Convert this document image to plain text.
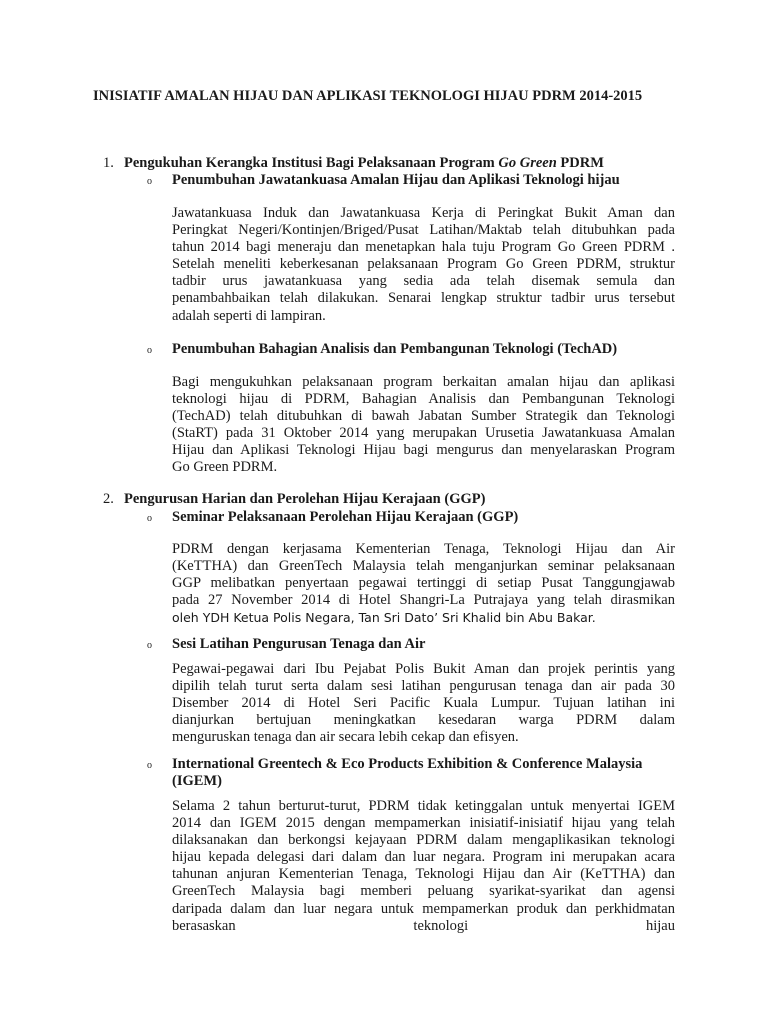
INISIATIF AMALAN HIJAU DAN APLIKASI TEKNOLOGI HIJAU PDRM 2014-2015
1. Pengukuhan Kerangka Institusi Bagi Pelaksanaan Program Go Green PDRM
o Penumbuhan Jawatankuasa Amalan Hijau dan Aplikasi Teknologi hijau
Jawatankuasa Induk dan Jawatankuasa Kerja di Peringkat Bukit Aman dan
Peringkat Negeri/Kontinjen/Briged/Pusat Latihan/Maktab telah ditubuhkan pada
tahun 2014 bagi meneraju dan menetapkan hala tuju Program Go Green PDRM .
Setelah meneliti keberkesanan pelaksanaan Program Go Green PDRM, struktur
tadbir urus jawatankuasa yang sedia ada telah disemak semula dan
penambahbaikan telah dilakukan. Senarai lengkap struktur tadbir urus tersebut
adalah seperti di lampiran.
o Penumbuhan Bahagian Analisis dan Pembangunan Teknologi (TechAD)
Bagi mengukuhkan pelaksanaan program berkaitan amalan hijau dan aplikasi
teknologi hijau di PDRM, Bahagian Analisis dan Pembangunan Teknologi
(TechAD) telah ditubuhkan di bawah Jabatan Sumber Strategik dan Teknologi
(StaRT) pada 31 Oktober 2014 yang merupakan Urusetia Jawatankuasa Amalan
Hijau dan Aplikasi Teknologi Hijau bagi mengurus dan menyelaraskan Program
Go Green PDRM.
2. Pengurusan Harian dan Perolehan Hijau Kerajaan (GGP)
o Seminar Pelaksanaan Perolehan Hijau Kerajaan (GGP)
PDRM dengan kerjasama Kementerian Tenaga, Teknologi Hijau dan Air
(KeTTHA) dan GreenTech Malaysia telah menganjurkan seminar pelaksanaan
GGP melibatkan penyertaan pegawai tertinggi di setiap Pusat Tanggungjawab
pada 27 November 2014 di Hotel Shangri-La Putrajaya yang telah dirasmikan
oleh YDH Ketua Polis Negara, Tan Sri Dato’ Sri Khalid bin Abu Bakar.
o Sesi Latihan Pengurusan Tenaga dan Air
Pegawai-pegawai dari Ibu Pejabat Polis Bukit Aman dan projek perintis yang
dipilih telah turut serta dalam sesi latihan pengurusan tenaga dan air pada 30
Disember 2014 di Hotel Seri Pacific Kuala Lumpur. Tujuan latihan ini
dianjurkan bertujuan meningkatkan kesedaran warga PDRM dalam
menguruskan tenaga dan air secara lebih cekap dan efisyen.
o International Greentech & Eco Products Exhibition & Conference Malaysia
(IGEM)
Selama 2 tahun berturut-turut, PDRM tidak ketinggalan untuk menyertai IGEM
2014 dan IGEM 2015 dengan mempamerkan inisiatif-inisiatif hijau yang telah
dilaksanakan dan berkongsi kejayaan PDRM dalam mengaplikasikan teknologi
hijau kepada delegasi dari dalam dan luar negara. Program ini merupakan acara
tahunan anjuran Kementerian Tenaga, Teknologi Hijau dan Air (KeTTHA) dan
GreenTech Malaysia bagi memberi peluang syarikat-syarikat dan agensi
daripada dalam dan luar negara untuk mempamerkan produk dan perkhidmatan
berasaskan teknologi hijau
